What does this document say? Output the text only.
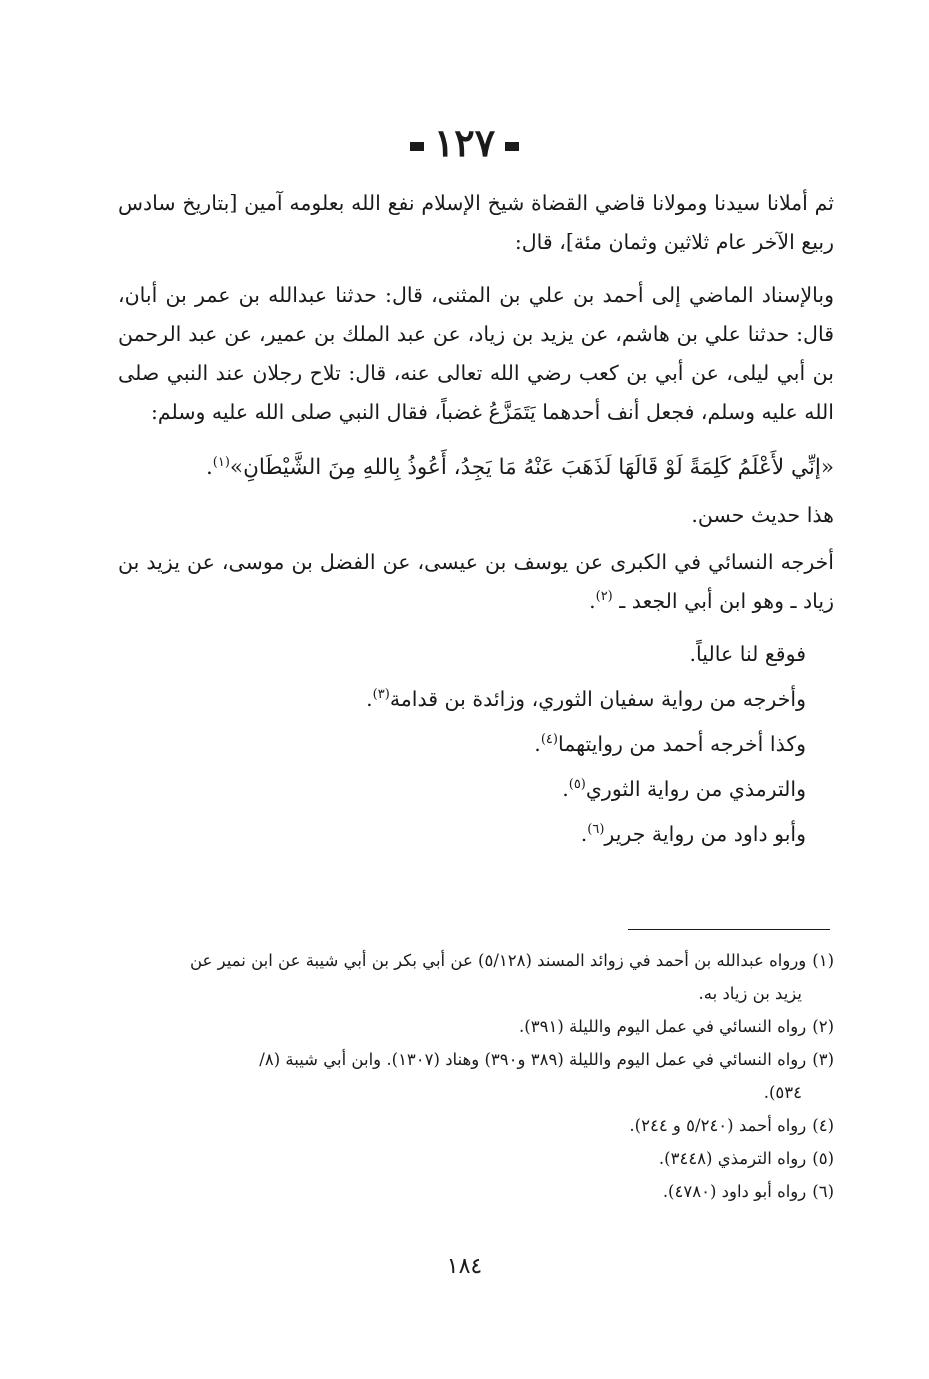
١٢٧

ثم أملانا سيدنا ومولانا قاضي القضاة شيخ الإسلام نفع الله بعلومه آمين [بتاريخ سادس ربيع الآخر عام ثلاثين وثمان مئة]، قال:

وبالإسناد الماضي إلى أحمد بن علي بن المثنى، قال: حدثنا عبدالله بن عمر بن أبان، قال: حدثنا علي بن هاشم، عن يزيد بن زياد، عن عبد الملك بن عمير، عن عبد الرحمن بن أبي ليلى، عن أبي بن كعب رضي الله تعالى عنه، قال: تلاح رجلان عند النبي صلى الله عليه وسلم، فجعل أنف أحدهما يَتَمَزَّعُ غضباً، فقال النبي صلى الله عليه وسلم:

«إنِّي لأَعْلَمُ كَلِمَةً لَوْ قَالَهَا لَذَهَبَ عَنْهُ مَا يَجِدُ، أَعُوذُ بِاللهِ مِنَ الشَّيْطَانِ»$^{(١)}$.

هذا حديث حسن.

أخرجه النسائي في الكبرى عن يوسف بن عيسى، عن الفضل بن موسى، عن يزيد بن زياد ـ وهو ابن أبي الجعد ـ $^{(٢)}$.

فوقع لنا عالياً.

وأخرجه من رواية سفيان الثوري، وزائدة بن قدامة$^{(٣)}$.

وكذا أخرجه أحمد من روايتهما$^{(٤)}$.

والترمذي من رواية الثوري$^{(٥)}$.

وأبو داود من رواية جرير$^{(٦)}$.

(١)ورواه عبدالله بن أحمد في زوائد المسند (٥/١٢٨) عن أبي بكر بن أبي شيبة عن ابن نمير عن
يزيد بن زياد به.

(٢)رواه النسائي في عمل اليوم والليلة (٣٩١).

(٣)رواه النسائي في عمل اليوم والليلة (٣٨٩ و٣٩٠) وهناد (١٣٠٧). وابن أبي شيبة (٨/
٥٣٤).

(٤)رواه أحمد (٥/٢٤٠ و ٢٤٤).

(٥)رواه الترمذي (٣٤٤٨).

(٦)رواه أبو داود (٤٧٨٠).

١٨٤
